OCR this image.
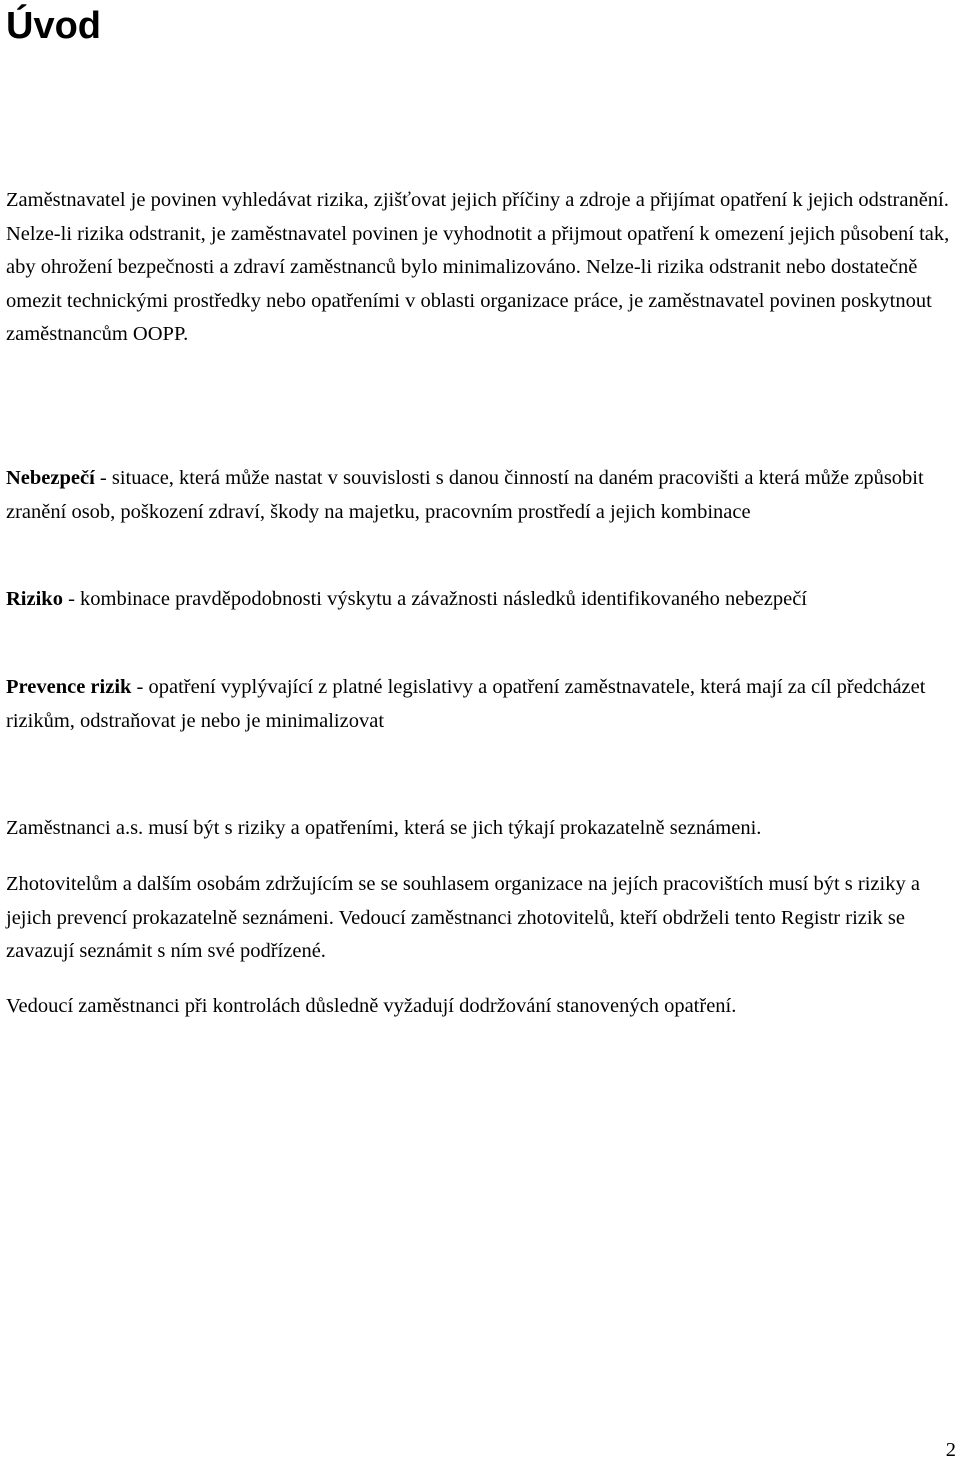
Úvod

Zaměstnavatel je povinen vyhledávat rizika, zjišťovat jejich příčiny a zdroje a přijímat opatření k jejich odstranění. Nelze-li rizika odstranit, je zaměstnavatel povinen je vyhodnotit a přijmout opatření k omezení jejich působení tak, aby ohrožení bezpečnosti a zdraví zaměstnanců bylo minimalizováno. Nelze-li rizika odstranit nebo dostatečně omezit technickými prostředky nebo opatřeními v oblasti organizace práce, je zaměstnavatel povinen poskytnout zaměstnancům OOPP.

Nebezpečí - situace, která může nastat v souvislosti s danou činností na daném pracovišti a která může způsobit zranění osob, poškození zdraví, škody na majetku, pracovním prostředí a jejich kombinace

Riziko - kombinace pravděpodobnosti výskytu a závažnosti následků identifikovaného nebezpečí

Prevence rizik - opatření vyplývající z platné legislativy a opatření zaměstnavatele, která mají za cíl předcházet rizikům, odstraňovat je nebo je minimalizovat

Zaměstnanci a.s. musí být s riziky a opatřeními, která se jich týkají prokazatelně seznámeni.

Zhotovitelům a dalším osobám zdržujícím se se souhlasem organizace na jejích pracovištích musí být s riziky a jejich prevencí prokazatelně seznámeni. Vedoucí zaměstnanci zhotovitelů, kteří obdrželi tento Registr rizik se zavazují seznámit s ním své podřízené.

Vedoucí zaměstnanci při kontrolách důsledně vyžadují dodržování stanovených opatření.

2
